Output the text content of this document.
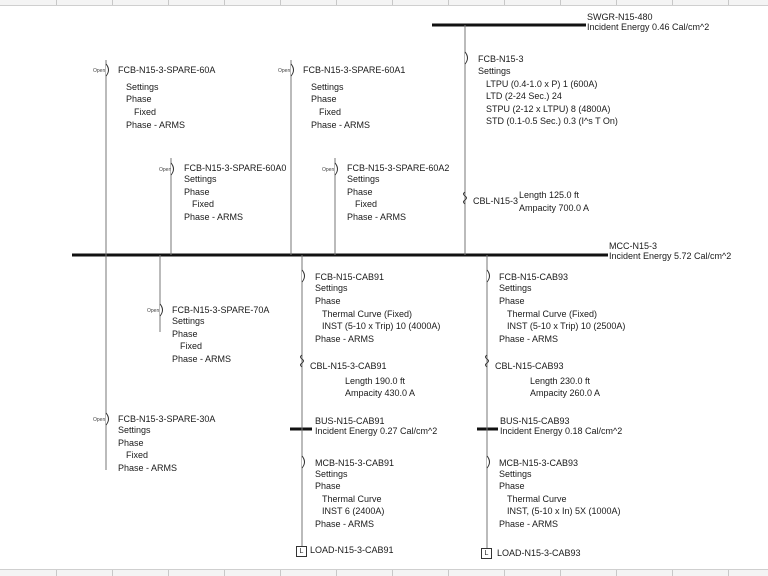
Open	Open
Open	Open
Open
Open
SWGR-N15-480
Incident Energy 0.46 Cal/cm^2
FCB-N15-3
Settings
LTPU (0.4-1.0 x P) 1 (600A)
LTD (2-24 Sec.) 24
STPU (2-12 x LTPU) 8 (4800A)
STD (0.1-0.5 Sec.) 0.3 (I^s T On)
CBL-N15-3
Length 125.0 ft
Ampacity 700.0 A
MCC-N15-3
Incident Energy 5.72 Cal/cm^2
FCB-N15-3-SPARE-60A
Settings
Phase
Fixed
Phase - ARMS
FCB-N15-3-SPARE-60A1
Settings
Phase
Fixed
Phase - ARMS
FCB-N15-3-SPARE-60A0
Settings
Phase
Fixed
Phase - ARMS
FCB-N15-3-SPARE-60A2
Settings
Phase
Fixed
Phase - ARMS
FCB-N15-3-SPARE-70A
Settings
Phase
Fixed
Phase - ARMS
FCB-N15-3-SPARE-30A
Settings
Phase
Fixed
Phase - ARMS
FCB-N15-CAB91
Settings
Phase
Thermal Curve (Fixed)
INST (5-10 x Trip) 10 (4000A)
Phase - ARMS
CBL-N15-3-CAB91
Length 190.0 ft
Ampacity 430.0 A
BUS-N15-CAB91
Incident Energy 0.27 Cal/cm^2
MCB-N15-3-CAB91
Settings
Phase
Thermal Curve
INST 6 (2400A)
Phase - ARMS
L LOAD-N15-3-CAB91
FCB-N15-CAB93
Settings
Phase
Thermal Curve (Fixed)
INST (5-10 x Trip) 10 (2500A)
Phase - ARMS
CBL-N15-CAB93
Length 230.0 ft
Ampacity 260.0 A
BUS-N15-CAB93
Incident Energy 0.18 Cal/cm^2
MCB-N15-3-CAB93
Settings
Phase
Thermal Curve
INST, (5-10 x In) 5X (1000A)
Phase - ARMS
L LOAD-N15-3-CAB93
